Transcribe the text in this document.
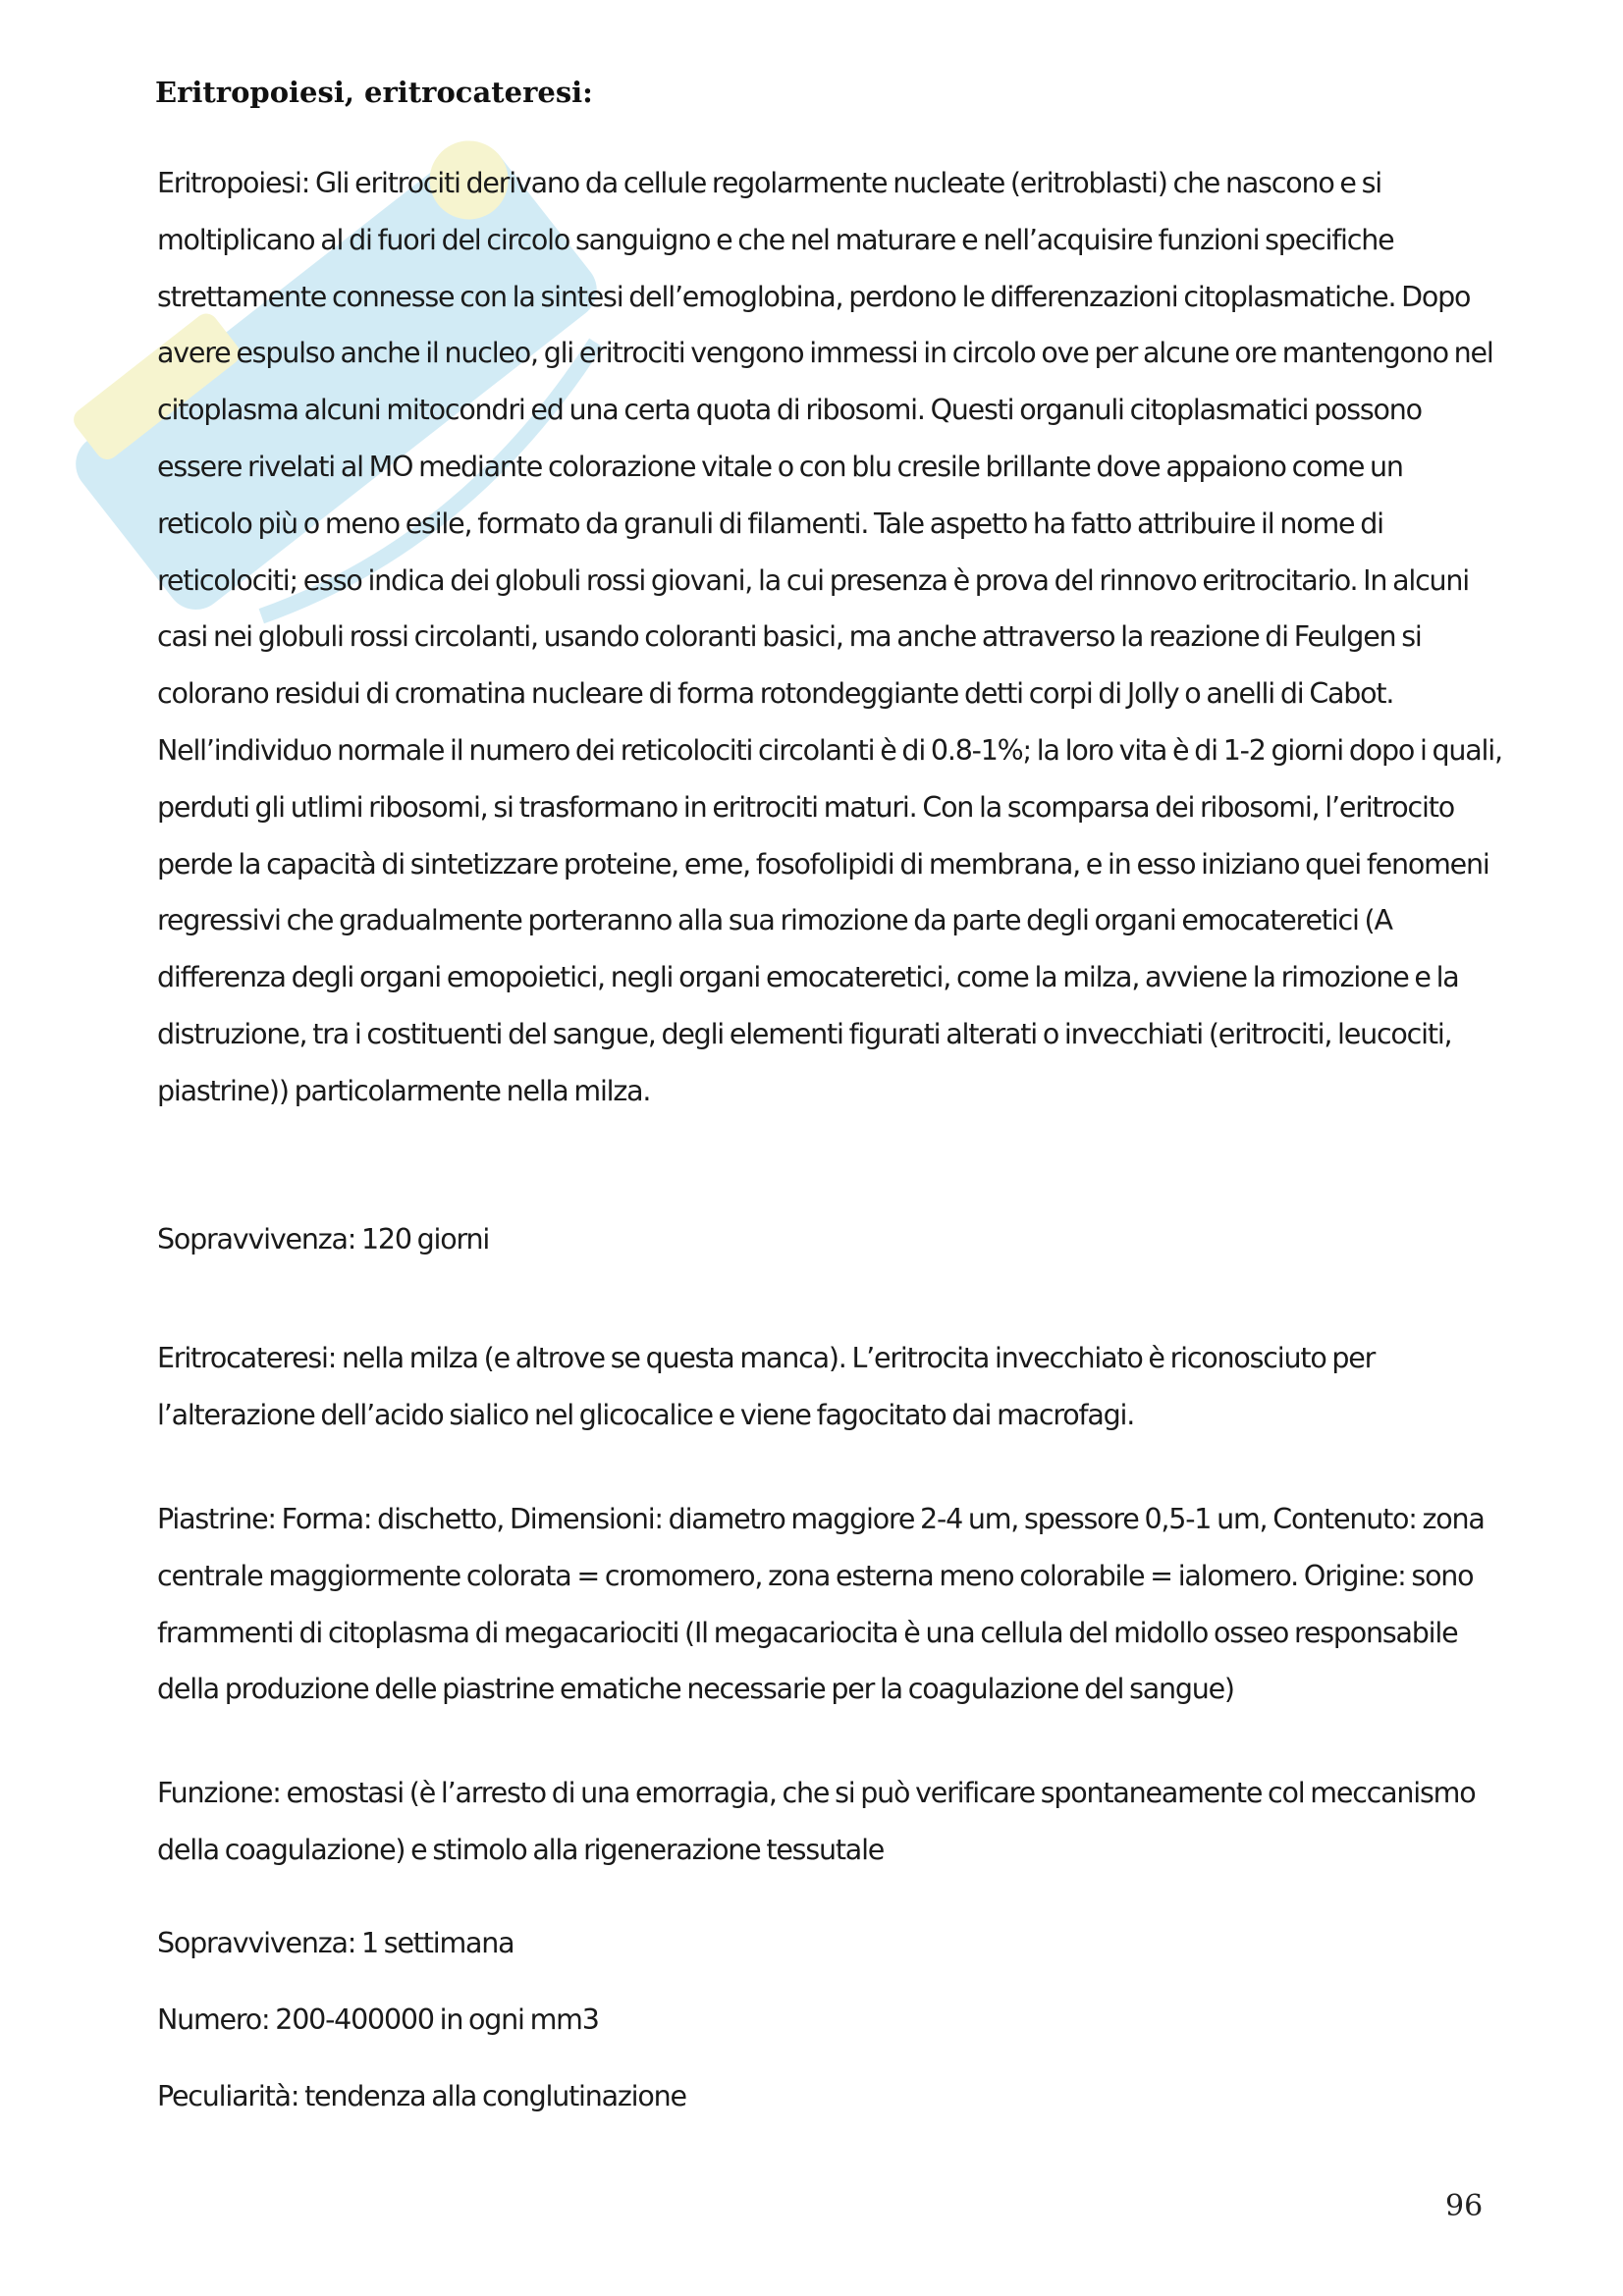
Eritropoiesi, eritrocateresi:

Eritropoiesi: Gli eritrociti derivano da cellule regolarmente nucleate (eritroblasti) che nascono e si moltiplicano al di fuori del circolo sanguigno e che nel maturare e nell’acquisire funzioni specifiche strettamente connesse con la sintesi dell’emoglobina, perdono le differenzazioni citoplasmatiche. Dopo avere espulso anche il nucleo, gli eritrociti vengono immessi in circolo ove per alcune ore mantengono nel citoplasma alcuni mitocondri ed una certa quota di ribosomi. Questi organuli citoplasmatici possono essere rivelati al MO mediante colorazione vitale o con blu cresile brillante dove appaiono come un reticolo più o meno esile, formato da granuli di filamenti. Tale aspetto ha fatto attribuire il nome di reticolociti; esso indica dei globuli rossi giovani, la cui presenza è prova del rinnovo eritrocitario. In alcuni casi nei globuli rossi circolanti, usando coloranti basici, ma anche attraverso la reazione di Feulgen si colorano residui di cromatina nucleare di forma rotondeggiante detti corpi di Jolly o anelli di Cabot. Nell’individuo normale il numero dei reticolociti circolanti è di 0.8-1%; la loro vita è di 1-2 giorni dopo i quali, perduti gli utlimi ribosomi, si trasformano in eritrociti maturi. Con la scomparsa dei ribosomi, l’eritrocito perde la capacità di sintetizzare proteine, eme, fosofolipidi di membrana, e in esso iniziano quei fenomeni regressivi che gradualmente porteranno alla sua rimozione da parte degli organi emocateretici (A differenza degli organi emopoietici, negli organi emocateretici, come la milza, avviene la rimozione e la distruzione, tra i costituenti del sangue, degli elementi figurati alterati o invecchiati (eritrociti, leucociti, piastrine)) particolarmente nella milza.

Sopravvivenza: 120 giorni

Eritrocateresi: nella milza (e altrove se questa manca). L’eritrocita invecchiato è riconosciuto per l’alterazione dell’acido sialico nel glicocalice e viene fagocitato dai macrofagi.

Piastrine: Forma: dischetto, Dimensioni: diametro maggiore 2-4 um, spessore 0,5-1 um, Contenuto: zona centrale maggiormente colorata = cromomero, zona esterna meno colorabile = ialomero. Origine: sono frammenti di citoplasma di megacariociti (Il megacariocita è una cellula del midollo osseo responsabile della produzione delle piastrine ematiche necessarie per la coagulazione del sangue)

Funzione: emostasi (è l’arresto di una emorragia, che si può verificare spontaneamente col meccanismo della coagulazione) e stimolo alla rigenerazione tessutale

Sopravvivenza: 1 settimana

Numero: 200-400000 in ogni mm3

Peculiarità: tendenza alla conglutinazione

96
